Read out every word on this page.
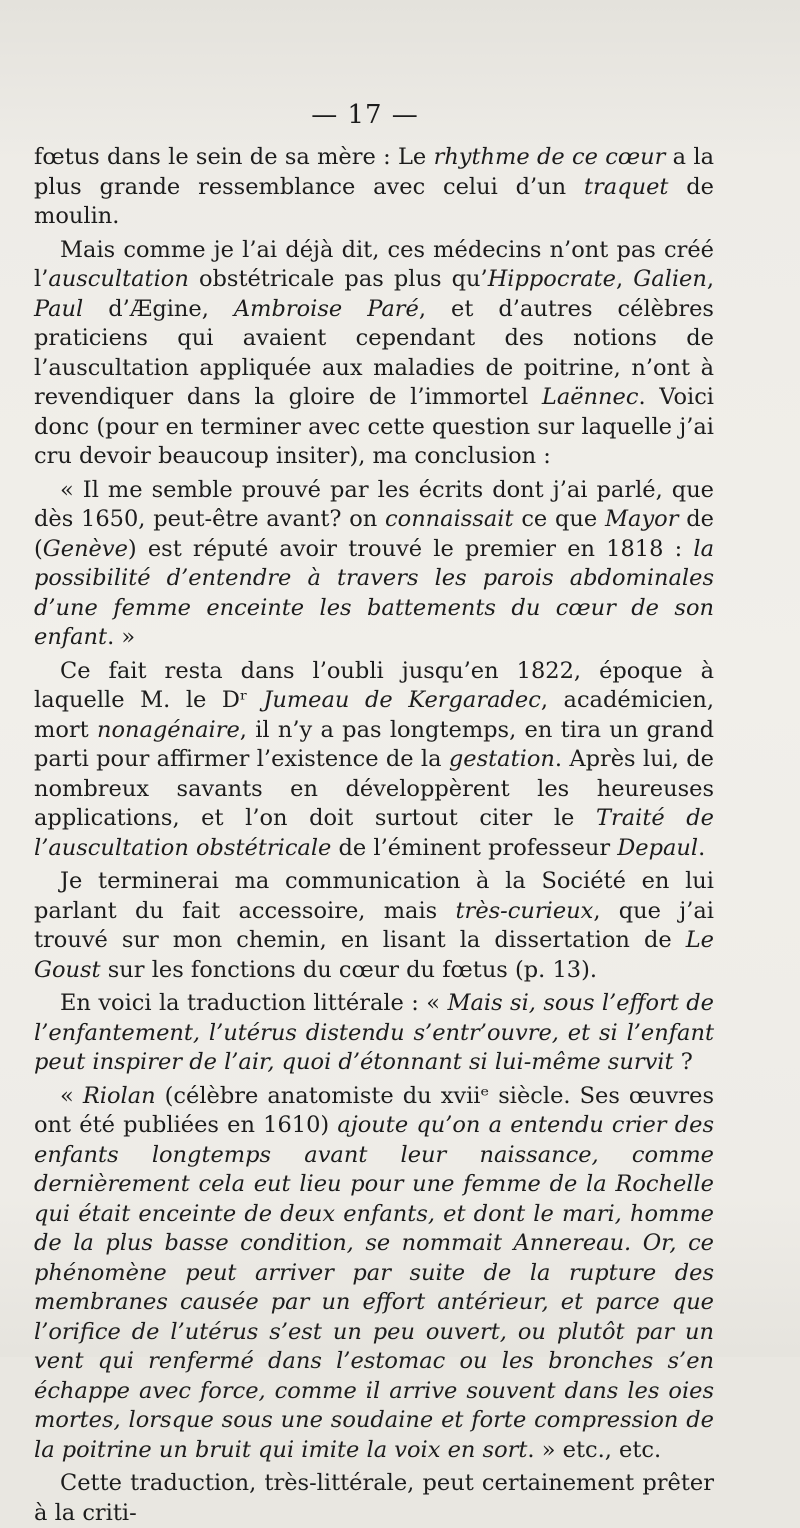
— 17 —

fœtus dans le sein de sa mère : Le rhythme de ce cœur a la plus grande ressemblance avec celui d’un traquet de moulin.

Mais comme je l’ai déjà dit, ces médecins n’ont pas créé l’auscultation obstétricale pas plus qu’Hippocrate, Galien, Paul d’Ægine, Ambroise Paré, et d’autres célèbres praticiens qui avaient cependant des notions de l’auscultation appliquée aux maladies de poitrine, n’ont à revendiquer dans la gloire de l’immortel Laënnec. Voici donc (pour en terminer avec cette question sur laquelle j’ai cru devoir beaucoup insiter), ma conclusion :

« Il me semble prouvé par les écrits dont j’ai parlé, que dès 1650, peut-être avant? on connaissait ce que Mayor de (Genève) est réputé avoir trouvé le premier en 1818 : la possibilité d’entendre à travers les parois abdominales d’une femme enceinte les battements du cœur de son enfant. »

Ce fait resta dans l’oubli jusqu’en 1822, époque à laquelle M. le Dʳ Jumeau de Kergaradec, académicien, mort nonagénaire, il n’y a pas longtemps, en tira un grand parti pour affirmer l’existence de la gestation. Après lui, de nombreux savants en développèrent les heureuses applications, et l’on doit surtout citer le Traité de l’auscultation obstétricale de l’éminent professeur Depaul.

Je terminerai ma communication à la Société en lui parlant du fait accessoire, mais très-curieux, que j’ai trouvé sur mon chemin, en lisant la dissertation de Le Goust sur les fonctions du cœur du fœtus (p. 13).

En voici la traduction littérale : « Mais si, sous l’effort de l’enfantement, l’utérus distendu s’entr’ouvre, et si l’enfant peut inspirer de l’air, quoi d’étonnant si lui-même survit ?

« Riolan (célèbre anatomiste du xviiᵉ siècle. Ses œuvres ont été publiées en 1610) ajoute qu’on a entendu crier des enfants longtemps avant leur naissance, comme dernièrement cela eut lieu pour une femme de la Rochelle qui était enceinte de deux enfants, et dont le mari, homme de la plus basse condition, se nommait Annereau. Or, ce phénomène peut arriver par suite de la rupture des membranes causée par un effort antérieur, et parce que l’orifice de l’utérus s’est un peu ouvert, ou plutôt par un vent qui renfermé dans l’estomac ou les bronches s’en échappe avec force, comme il arrive souvent dans les oies mortes, lorsque sous une soudaine et forte compression de la poitrine un bruit qui imite la voix en sort. » etc., etc.

Cette traduction, très-littérale, peut certainement prêter à la criti-
